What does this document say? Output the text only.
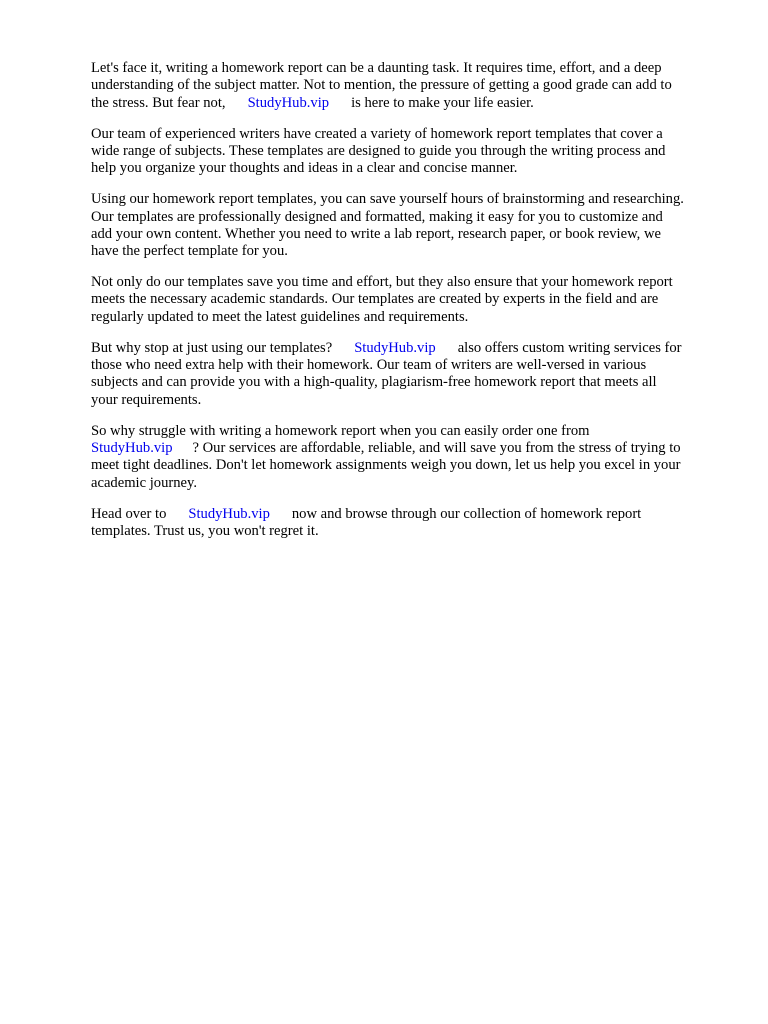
Let's face it, writing a homework report can be a daunting task. It requires time, effort, and a deep
understanding of the subject matter. Not to mention, the pressure of getting a good grade can add to
the stress. But fear not, StudyHub.vip is here to make your life easier.

Our team of experienced writers have created a variety of homework report templates that cover a
wide range of subjects. These templates are designed to guide you through the writing process and
help you organize your thoughts and ideas in a clear and concise manner.

Using our homework report templates, you can save yourself hours of brainstorming and researching.
Our templates are professionally designed and formatted, making it easy for you to customize and
add your own content. Whether you need to write a lab report, research paper, or book review, we
have the perfect template for you.

Not only do our templates save you time and effort, but they also ensure that your homework report
meets the necessary academic standards. Our templates are created by experts in the field and are
regularly updated to meet the latest guidelines and requirements.

But why stop at just using our templates? StudyHub.vip also offers custom writing services for
those who need extra help with their homework. Our team of writers are well-versed in various
subjects and can provide you with a high-quality, plagiarism-free homework report that meets all
your requirements.

So why struggle with writing a homework report when you can easily order one from
StudyHub.vip ? Our services are affordable, reliable, and will save you from the stress of trying to
meet tight deadlines. Don't let homework assignments weigh you down, let us help you excel in your
academic journey.

Head over to StudyHub.vip now and browse through our collection of homework report
templates. Trust us, you won't regret it.
